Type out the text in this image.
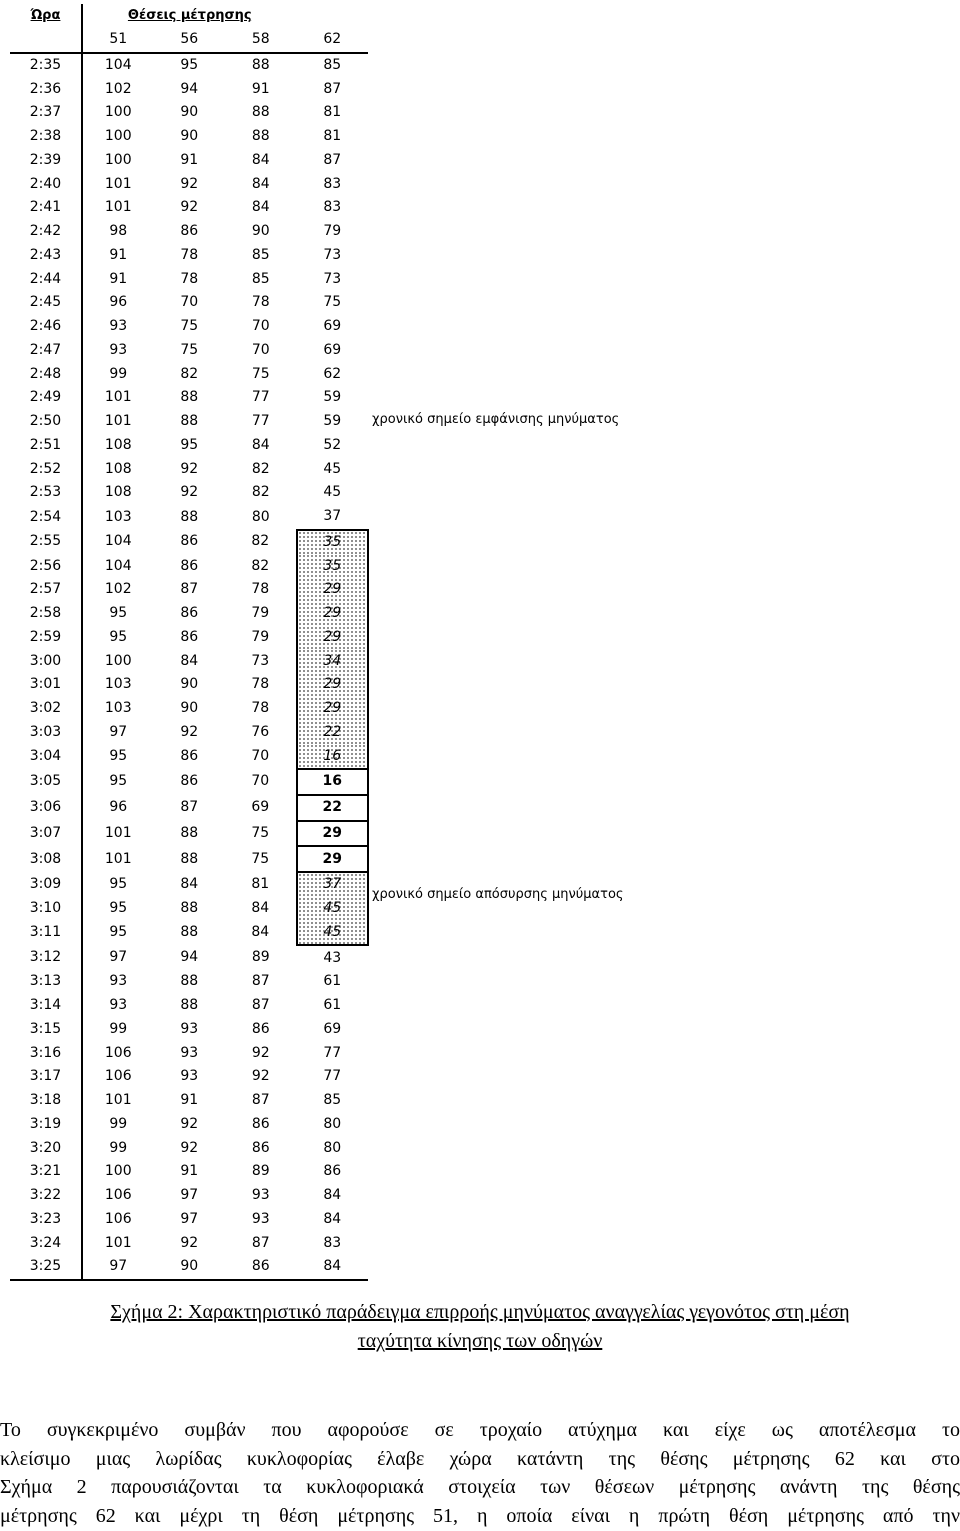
Ώρα	Θέσεις μέτρησης			
	51	56	58	62
2:35	104	95	88	85
2:36	102	94	91	87
2:37	100	90	88	81
2:38	100	90	88	81
2:39	100	91	84	87
2:40	101	92	84	83
2:41	101	92	84	83
2:42	98	86	90	79
2:43	91	78	85	73
2:44	91	78	85	73
2:45	96	70	78	75
2:46	93	75	70	69
2:47	93	75	70	69
2:48	99	82	75	62
2:49	101	88	77	59
2:50	101	88	77	59
2:51	108	95	84	52
2:52	108	92	82	45
2:53	108	92	82	45
2:54	103	88	80	37
2:55	104	86	82	35
2:56	104	86	82	35
2:57	102	87	78	29
2:58	95	86	79	29
2:59	95	86	79	29
3:00	100	84	73	34
3:01	103	90	78	29
3:02	103	90	78	29
3:03	97	92	76	22
3:04	95	86	70	16
3:05	95	86	70	16
3:06	96	87	69	22
3:07	101	88	75	29
3:08	101	88	75	29
3:09	95	84	81	37
3:10	95	88	84	45
3:11	95	88	84	45
3:12	97	94	89	43
3:13	93	88	87	61
3:14	93	88	87	61
3:15	99	93	86	69
3:16	106	93	92	77
3:17	106	93	92	77
3:18	101	91	87	85
3:19	99	92	86	80
3:20	99	92	86	80
3:21	100	91	89	86
3:22	106	97	93	84
3:23	106	97	93	84
3:24	101	92	87	83
3:25	97	90	86	84
χρονικό σημείο εμφάνισης μηνύματος
χρονικό σημείο απόσυρσης μηνύματος
Σχήμα 2: Χαρακτηριστικό παράδειγμα επιρροής μηνύματος αναγγελίας γεγονότος στη μέση
ταχύτητα κίνησης των οδηγών
Το συγκεκριμένο συμβάν που αφορούσε σε τροχαίο ατύχημα και είχε ως αποτέλεσμα το
κλείσιμο μιας λωρίδας κυκλοφορίας έλαβε χώρα κατάντη της θέσης μέτρησης 62 και στο
Σχήμα 2 παρουσιάζονται τα κυκλοφοριακά στοιχεία των θέσεων μέτρησης ανάντη της θέσης
μέτρησης 62 και μέχρι τη θέση μέτρησης 51, η οποία είναι η πρώτη θέση μέτρησης από την
